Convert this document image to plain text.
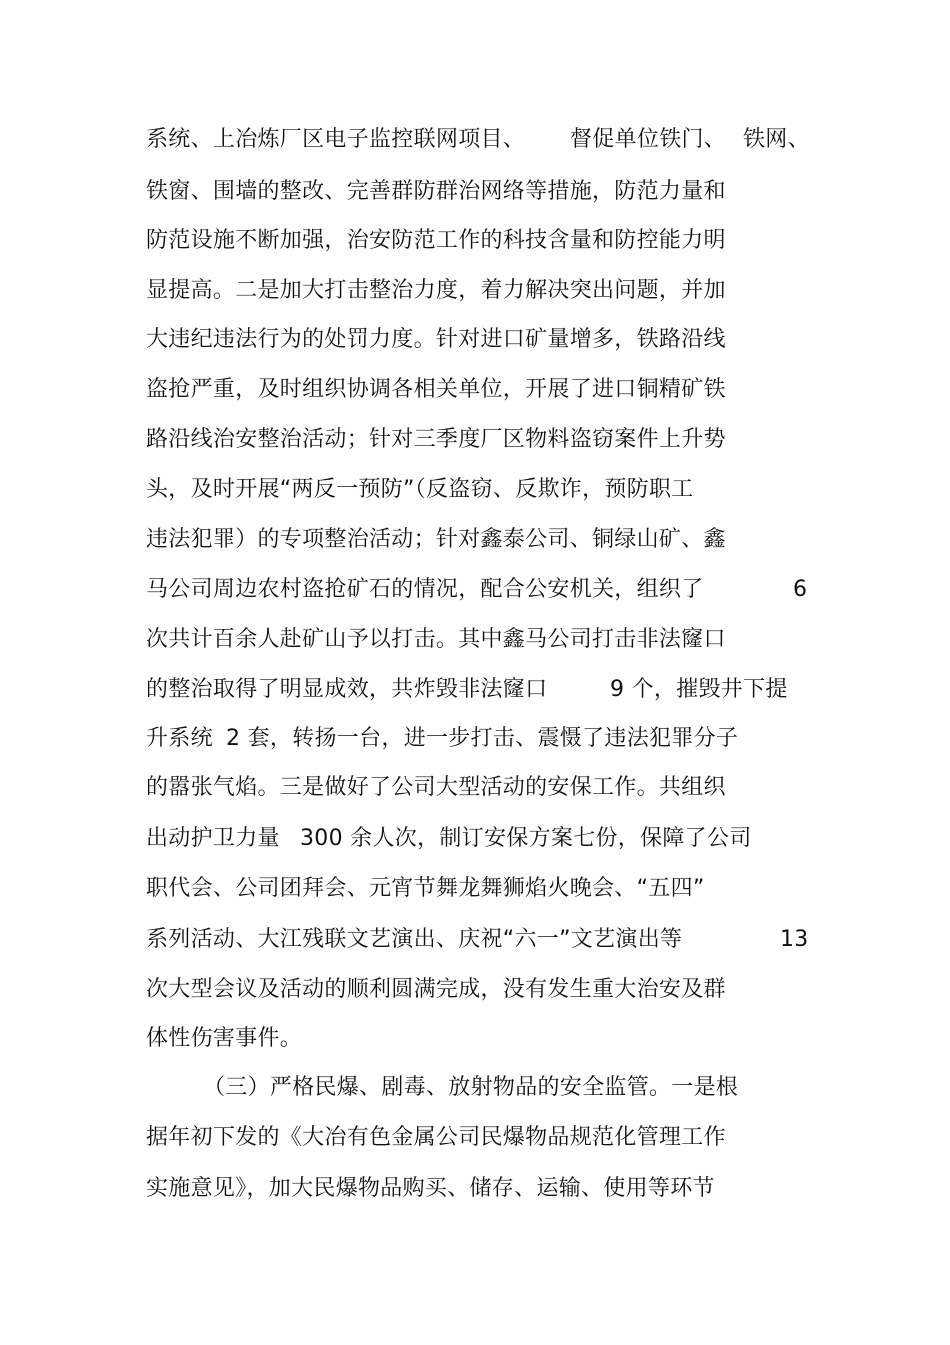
系统、上冶炼厂区电子监控联网项目、 督促单位铁门、 铁网、
铁窗、围墙的整改、完善群防群治网络等措施，防范力量和
防范设施不断加强，治安防范工作的科技含量和防控能力明
显提高。二是加大打击整治力度，着力解决突出问题，并加
大违纪违法行为的处罚力度。针对进口矿量增多，铁路沿线
盗抢严重，及时组织协调各相关单位，开展了进口铜精矿铁
路沿线治安整治活动；针对三季度厂区物料盗窃案件上升势
头，及时开展“两反一预防”（反盗窃、反欺诈，预防职工
违法犯罪）的专项整治活动；针对鑫泰公司、铜绿山矿、鑫
马公司周边农村盗抢矿石的情况，配合公安机关，组织了	6
次共计百余人赴矿山予以打击。其中鑫马公司打击非法窿口
的整治取得了明显成效，共炸毁非法窿口	9 个，摧毁井下提
升系统 2 套，转扬一台，进一步打击、震慑了违法犯罪分子
的嚣张气焰。三是做好了公司大型活动的安保工作。共组织
出动护卫力量 300 余人次，制订安保方案七份，保障了公司
职代会、公司团拜会、元宵节舞龙舞狮焰火晚会、“五四”
系列活动、大江残联文艺演出、庆祝“六一”文艺演出等	13
次大型会议及活动的顺利圆满完成，没有发生重大治安及群
体性伤害事件。
（三）严格民爆、剧毒、放射物品的安全监管。一是根
据年初下发的《大冶有色金属公司民爆物品规范化管理工作
实施意见》，加大民爆物品购买、储存、运输、使用等环节
